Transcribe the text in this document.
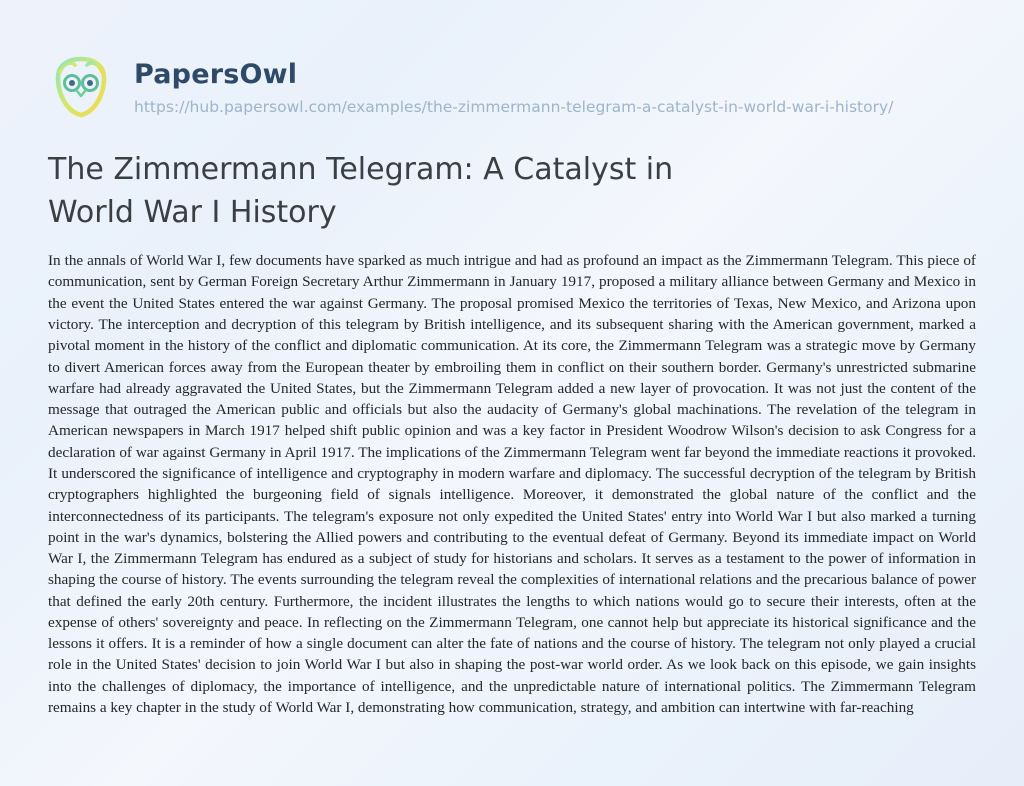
PapersOwl
https://hub.papersowl.com/examples/the-zimmermann-telegram-a-catalyst-in-world-war-i-history/
The Zimmermann Telegram: A Catalyst in World War I History
In the annals of World War I, few documents have sparked as much intrigue and had as profound an impact as the Zimmermann Telegram. This piece of communication, sent by German Foreign Secretary Arthur Zimmermann in January 1917, proposed a military alliance between Germany and Mexico in the event the United States entered the war against Germany. The proposal promised Mexico the territories of Texas, New Mexico, and Arizona upon victory. The interception and decryption of this telegram by British intelligence, and its subsequent sharing with the American government, marked a pivotal moment in the history of the conflict and diplomatic communication. At its core, the Zimmermann Telegram was a strategic move by Germany to divert American forces away from the European theater by embroiling them in conflict on their southern border. Germany's unrestricted submarine warfare had already aggravated the United States, but the Zimmermann Telegram added a new layer of provocation. It was not just the content of the message that outraged the American public and officials but also the audacity of Germany's global machinations. The revelation of the telegram in American newspapers in March 1917 helped shift public opinion and was a key factor in President Woodrow Wilson's decision to ask Congress for a declaration of war against Germany in April 1917. The implications of the Zimmermann Telegram went far beyond the immediate reactions it provoked. It underscored the significance of intelligence and cryptography in modern warfare and diplomacy. The successful decryption of the telegram by British cryptographers highlighted the burgeoning field of signals intelligence. Moreover, it demonstrated the global nature of the conflict and the interconnectedness of its participants. The telegram's exposure not only expedited the United States' entry into World War I but also marked a turning point in the war's dynamics, bolstering the Allied powers and contributing to the eventual defeat of Germany. Beyond its immediate impact on World War I, the Zimmermann Telegram has endured as a subject of study for historians and scholars. It serves as a testament to the power of information in shaping the course of history. The events surrounding the telegram reveal the complexities of international relations and the precarious balance of power that defined the early 20th century. Furthermore, the incident illustrates the lengths to which nations would go to secure their interests, often at the expense of others' sovereignty and peace. In reflecting on the Zimmermann Telegram, one cannot help but appreciate its historical significance and the lessons it offers. It is a reminder of how a single document can alter the fate of nations and the course of history. The telegram not only played a crucial role in the United States' decision to join World War I but also in shaping the post-war world order. As we look back on this episode, we gain insights into the challenges of diplomacy, the importance of intelligence, and the unpredictable nature of international politics. The Zimmermann Telegram remains a key chapter in the study of World War I, demonstrating how communication, strategy, and ambition can intertwine with far-reaching
